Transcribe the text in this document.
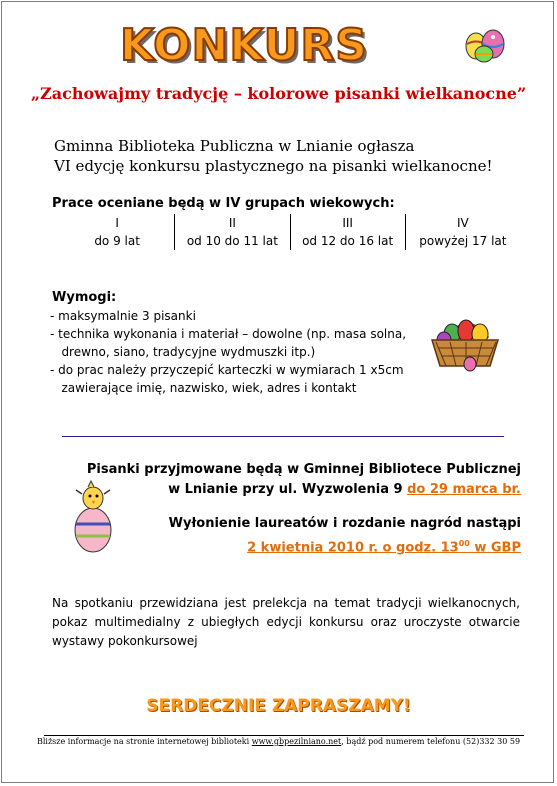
KONKURS
„Zachowajmy tradycję – kolorowe pisanki wielkanocne”
Gminna Biblioteka Publiczna w Lnianie ogłasza
VI edycję konkursu plastycznego na pisanki wielkanocne!
Prace oceniane będą w IV grupach wiekowych:
I
do 9 lat
II
od 10 do 11 lat
III
od 12 do 16 lat
IV
powyżej 17 lat
Wymogi:
- maksymalnie 3 pisanki
- technika wykonania i materiał – dowolne (np. masa solna,
drewno, siano, tradycyjne wydmuszki itp.)
- do prac należy przyczepić karteczki w wymiarach 1 x5cm
zawierające imię, nazwisko, wiek, adres i kontakt
Pisanki przyjmowane będą w Gminnej Bibliotece Publicznej
w Lnianie przy ul. Wyzwolenia 9 do 29 marca br.
Wyłonienie laureatów i rozdanie nagród nastąpi
2 kwietnia 2010 r. o godz. $13^{00}$ w GBP
Na spotkaniu przewidziana jest prelekcja na temat tradycji wielkanocnych, pokaz multimedialny z ubiegłych edycji konkursu oraz uroczyste otwarcie wystawy pokonkursowej
SERDECZNIE ZAPRASZAMY!
Bliższe informacje na stronie internetowej biblioteki www.gbpezilniano.net, bądź pod numerem telefonu (52)332 30 59
